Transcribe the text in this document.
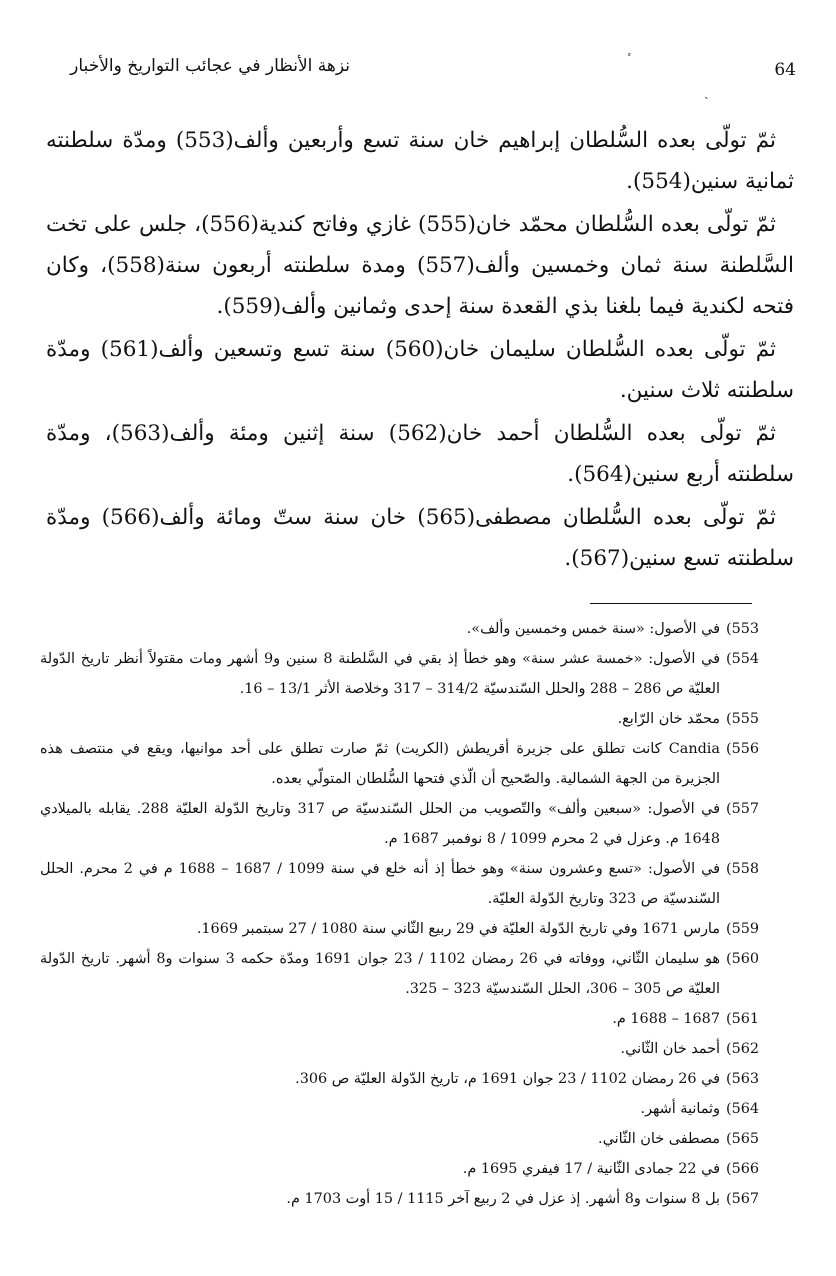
نزهة الأنظار في عجائب التواريخ والأخبار	64
ˎ

ثمّ تولّى بعده السُّلطان إبراهيم خان سنة تسع وأربعين وألف(553) ومدّة سلطنته ثمانية سنين(554).

ثمّ تولّى بعده السُّلطان محمّد خان(555) غازي وفاتح كندية(556)، جلس على تخت السَّلطنة سنة ثمان وخمسين وألف(557) ومدة سلطنته أربعون سنة(558)، وكان فتحه لكندية فيما بلغنا بذي القعدة سنة إحدى وثمانين وألف(559).

ثمّ تولّى بعده السُّلطان سليمان خان(560) سنة تسع وتسعين وألف(561) ومدّة سلطنته ثلاث سنين.

ثمّ تولّى بعده السُّلطان أحمد خان(562) سنة إثنين ومئة وألف(563)، ومدّة سلطنته أربع سنين(564).

ثمّ تولّى بعده السُّلطان مصطفى(565) خان سنة ستّ ومائة وألف(566) ومدّة سلطنته تسع سنين(567).

(553
في الأصول: «سنة خمس وخمسين وألف».
(554
في الأصول: «خمسة عشر سنة» وهو خطأ إذ بقي في السَّلطنة 8 سنين و9 أشهر ومات مقتولاً أنظر تاريخ الدّولة العليّة ص 286 – 288 والحلل السّندسيّة 314/2 – 317 وخلاصة الأثر 13/1 – 16.
(555
محمّد خان الرّابع.
(556
Candia كانت تطلق على جزيرة أقريطش (الكريت) ثمّ صارت تطلق على أحد موانيها، ويقع في منتصف هذه الجزيرة من الجهة الشمالية. والصّحيح أن الّذي فتحها السُّلطان المتولّي بعده.
(557
في الأصول: «سبعين وألف» والتّصويب من الحلل السّندسيّة ص 317 وتاريخ الدّولة العليّة 288. يقابله بالميلادي 1648 م. وعزل في 2 محرم 1099 / 8 نوفمبر 1687 م.
(558
في الأصول: «تسع وعشرون سنة» وهو خطأ إذ أنه خلع في سنة 1099 / 1687 – 1688 م في 2 محرم. الحلل السّندسيّة ص 323 وتاريخ الدّولة العليّة.
(559
مارس 1671 وفي تاريخ الدّولة العليّة في 29 ربيع الثّاني سنة 1080 / 27 سبتمبر 1669.
(560
هو سليمان الثّاني، ووفاته في 26 رمضان 1102 / 23 جوان 1691 ومدّة حكمه 3 سنوات و8 أشهر. تاريخ الدّولة العليّة ص 305 – 306، الحلل السّندسيّة 323 – 325.
(561
1687 – 1688 م.
(562
أحمد خان الثّاني.
(563
في 26 رمضان 1102 / 23 جوان 1691 م، تاريخ الدّولة العليّة ص 306.
(564
وثمانية أشهر.
(565
مصطفى خان الثّاني.
(566
في 22 جمادى الثّانية / 17 فيفري 1695 م.
(567
بل 8 سنوات و8 أشهر. إذ عزل في 2 ربيع آخر 1115 / 15 أوت 1703 م.
